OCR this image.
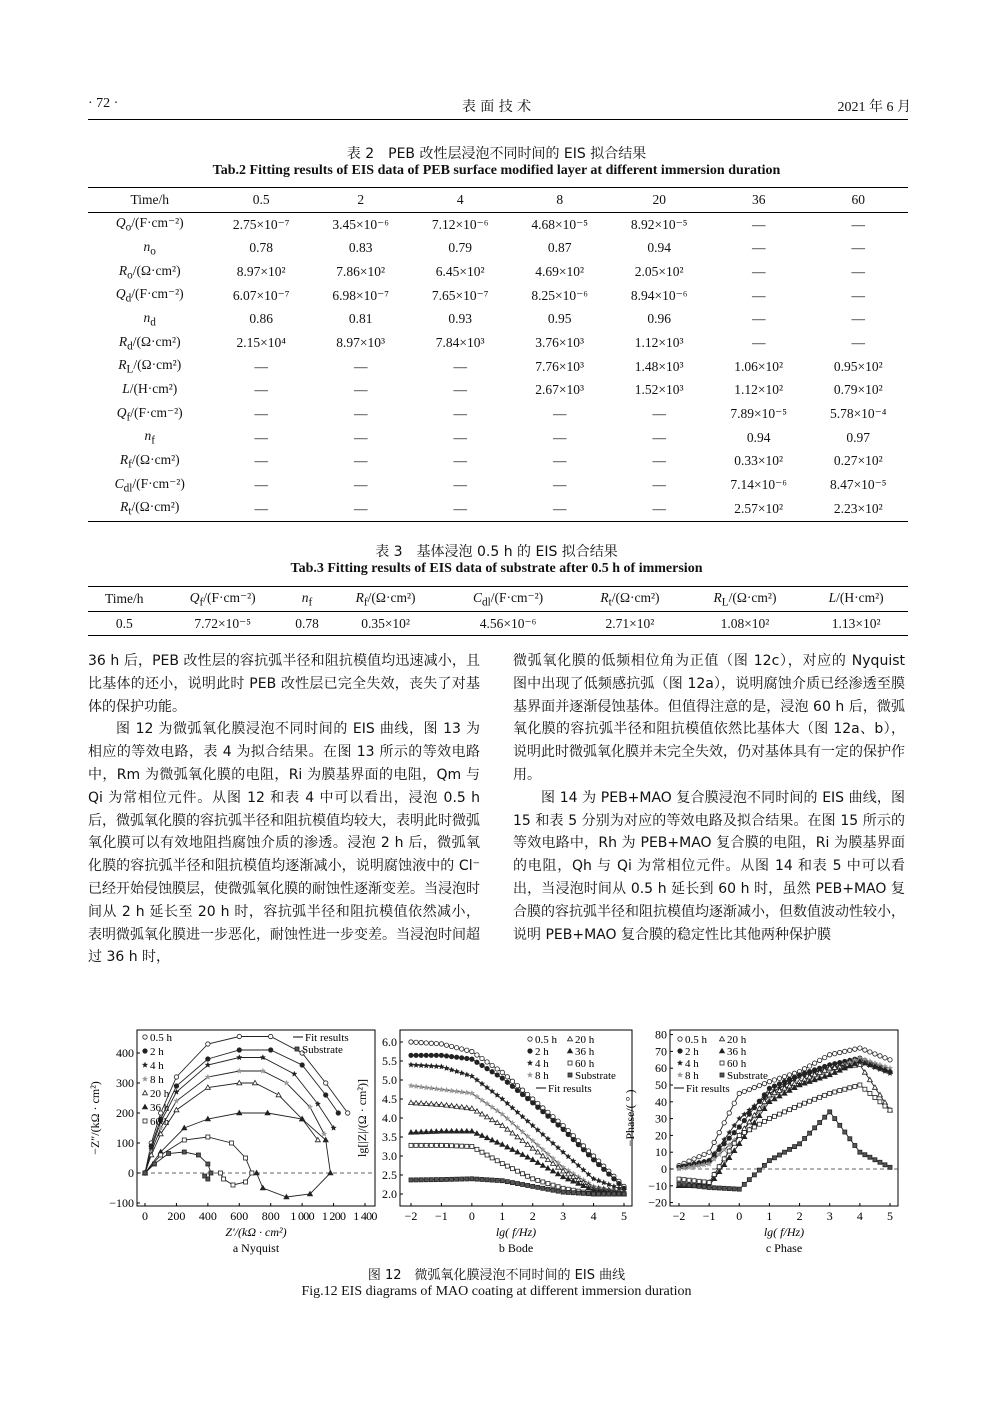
· 72 ·	表 面 技 术	2021 年 6 月
表 2　PEB 改性层浸泡不同时间的 EIS 拟合结果
Tab.2 Fitting results of EIS data of PEB surface modified layer at different immersion duration
Time/h	0.5	2	4	8	20	36	60
$Q_o/(F\cdot cm^{-2})$	2.75×10⁻⁷	3.45×10⁻⁶	7.12×10⁻⁶	4.68×10⁻⁵	8.92×10⁻⁵	—	—
$n_o$	0.78	0.83	0.79	0.87	0.94	—	—
$R_o/(\Omega\cdot cm^2)$	8.97×10²	7.86×10²	6.45×10²	4.69×10²	2.05×10²	—	—
$Q_d/(F\cdot cm^{-2})$	6.07×10⁻⁷	6.98×10⁻⁷	7.65×10⁻⁷	8.25×10⁻⁶	8.94×10⁻⁶	—	—
$n_d$	0.86	0.81	0.93	0.95	0.96	—	—
$R_d/(\Omega\cdot cm^2)$	2.15×10⁴	8.97×10³	7.84×10³	3.76×10³	1.12×10³	—	—
$R_L/(\Omega\cdot cm^2)$	—	—	—	7.76×10³	1.48×10³	1.06×10²	0.95×10²
L/(H·cm²)	—	—	—	2.67×10³	1.52×10³	1.12×10²	0.79×10²
$Q_f/(F\cdot cm^{-2})$	—	—	—	—	—	7.89×10⁻⁵	5.78×10⁻⁴
$n_f$	—	—	—	—	—	0.94	0.97
$R_f/(\Omega\cdot cm^2)$	—	—	—	—	—	0.33×10²	0.27×10²
$C_{dl}/(F\cdot cm^{-2})$	—	—	—	—	—	7.14×10⁻⁶	8.47×10⁻⁵
$R_t/(\Omega\cdot cm^2)$	—	—	—	—	—	2.57×10²	2.23×10²
表 3　基体浸泡 0.5 h 的 EIS 拟合结果
Tab.3 Fitting results of EIS data of substrate after 0.5 h of immersion
Time/h	$Q_f/(F\cdot cm^{-2})$	$n_f$	$R_f/(\Omega\cdot cm^2)$	$C_{dl}/(F\cdot cm^{-2})$	$R_t/(\Omega\cdot cm^2)$	$R_L/(\Omega\cdot cm^2)$	L/(H·cm²)
0.5	7.72×10⁻⁵	0.78	0.35×10²	4.56×10⁻⁶	2.71×10²	1.08×10²	1.13×10²

36 h 后，PEB 改性层的容抗弧半径和阻抗模值均迅速减小，且比基体的还小，说明此时 PEB 改性层已完全失效，丧失了对基体的保护功能。

图 12 为微弧氧化膜浸泡不同时间的 EIS 曲线，图 13 为相应的等效电路，表 4 为拟合结果。在图 13 所示的等效电路中，Rm 为微弧氧化膜的电阻，Ri 为膜基界面的电阻，Qm 与 Qi 为常相位元件。从图 12 和表 4 中可以看出，浸泡 0.5 h 后，微弧氧化膜的容抗弧半径和阻抗模值均较大，表明此时微弧氧化膜可以有效地阻挡腐蚀介质的渗透。浸泡 2 h 后，微弧氧化膜的容抗弧半径和阻抗模值均逐渐减小，说明腐蚀液中的 Cl⁻已经开始侵蚀膜层，使微弧氧化膜的耐蚀性逐渐变差。当浸泡时间从 2 h 延长至 20 h 时，容抗弧半径和阻抗模值依然减小，表明微弧氧化膜进一步恶化，耐蚀性进一步变差。当浸泡时间超过 36 h 时，

微弧氧化膜的低频相位角为正值（图 12c），对应的 Nyquist 图中出现了低频感抗弧（图 12a），说明腐蚀介质已经渗透至膜基界面并逐渐侵蚀基体。但值得注意的是，浸泡 60 h 后，微弧氧化膜的容抗弧半径和阻抗模值依然比基体大（图 12a、b），说明此时微弧氧化膜并未完全失效，仍对基体具有一定的保护作用。

图 14 为 PEB+MAO 复合膜浸泡不同时间的 EIS 曲线，图 15 和表 5 分别为对应的等效电路及拟合结果。在图 15 所示的等效电路中，Rh 为 PEB+MAO 复合膜的电阻，Ri 为膜基界面的电阻，Qh 与 Qi 为常相位元件。从图 14 和表 5 中可以看出，当浸泡时间从 0.5 h 延长到 60 h 时，虽然 PEB+MAO 复合膜的容抗弧半径和阻抗模值均逐渐减小，但数值波动性较小，说明 PEB+MAO 复合膜的稳定性比其他两种保护膜

0 200 400 600 800 1 000 1 200 1 400
−100
0
100
200
300
400
Z′/(kΩ · cm²)
a Nyquist
−Z″/(kΩ · cm²)
0.5 h
2 h
4 h
8 h
20 h
36 h
60 h
Fit results
Substrate
−2 −1 0 1 2 3 4 5
2.0
2.5
3.0
3.5
4.0
4.5
5.0
5.5
6.0
lg( f/Hz)
b Bode
lg[|Z|/(Ω · cm²)]
0.5 h 20 h
2 h 36 h
4 h 60 h
8 h Substrate
Fit results
−2 −1 0 1 2 3 4 5
−20
−10
0
10
20
30
40
50
60
70
80
lg( f/Hz)
c Phase
−Phase/( ° )
0.5 h 20 h
2 h	36 h
4 h	60 h
8 h	Substrate
Fit results
图 12　微弧氧化膜浸泡不同时间的 EIS 曲线
Fig.12 EIS diagrams of MAO coating at different immersion duration
